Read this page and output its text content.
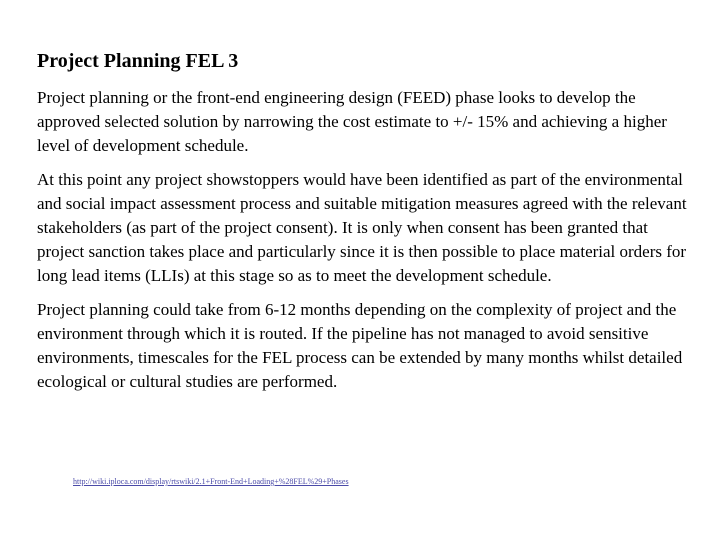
Project Planning FEL 3

Project planning or the front-end engineering design (FEED) phase looks to develop the approved selected solution by narrowing the cost estimate to +/- 15% and achieving a higher level of development schedule.

At this point any project showstoppers would have been identified as part of the environmental and social impact assessment process and suitable mitigation measures agreed with the relevant stakeholders (as part of the project consent). It is only when consent has been granted that project sanction takes place and particularly since it is then possible to place material orders for long lead items (LLIs) at this stage so as to meet the development schedule.

Project planning could take from 6-12 months depending on the complexity of project and the environment through which it is routed. If the pipeline has not managed to avoid sensitive environments, timescales for the FEL process can be extended by many months whilst detailed ecological or cultural studies are performed.

http://wiki.iploca.com/display/rtswiki/2.1+Front-End+Loading+%28FEL%29+Phases
